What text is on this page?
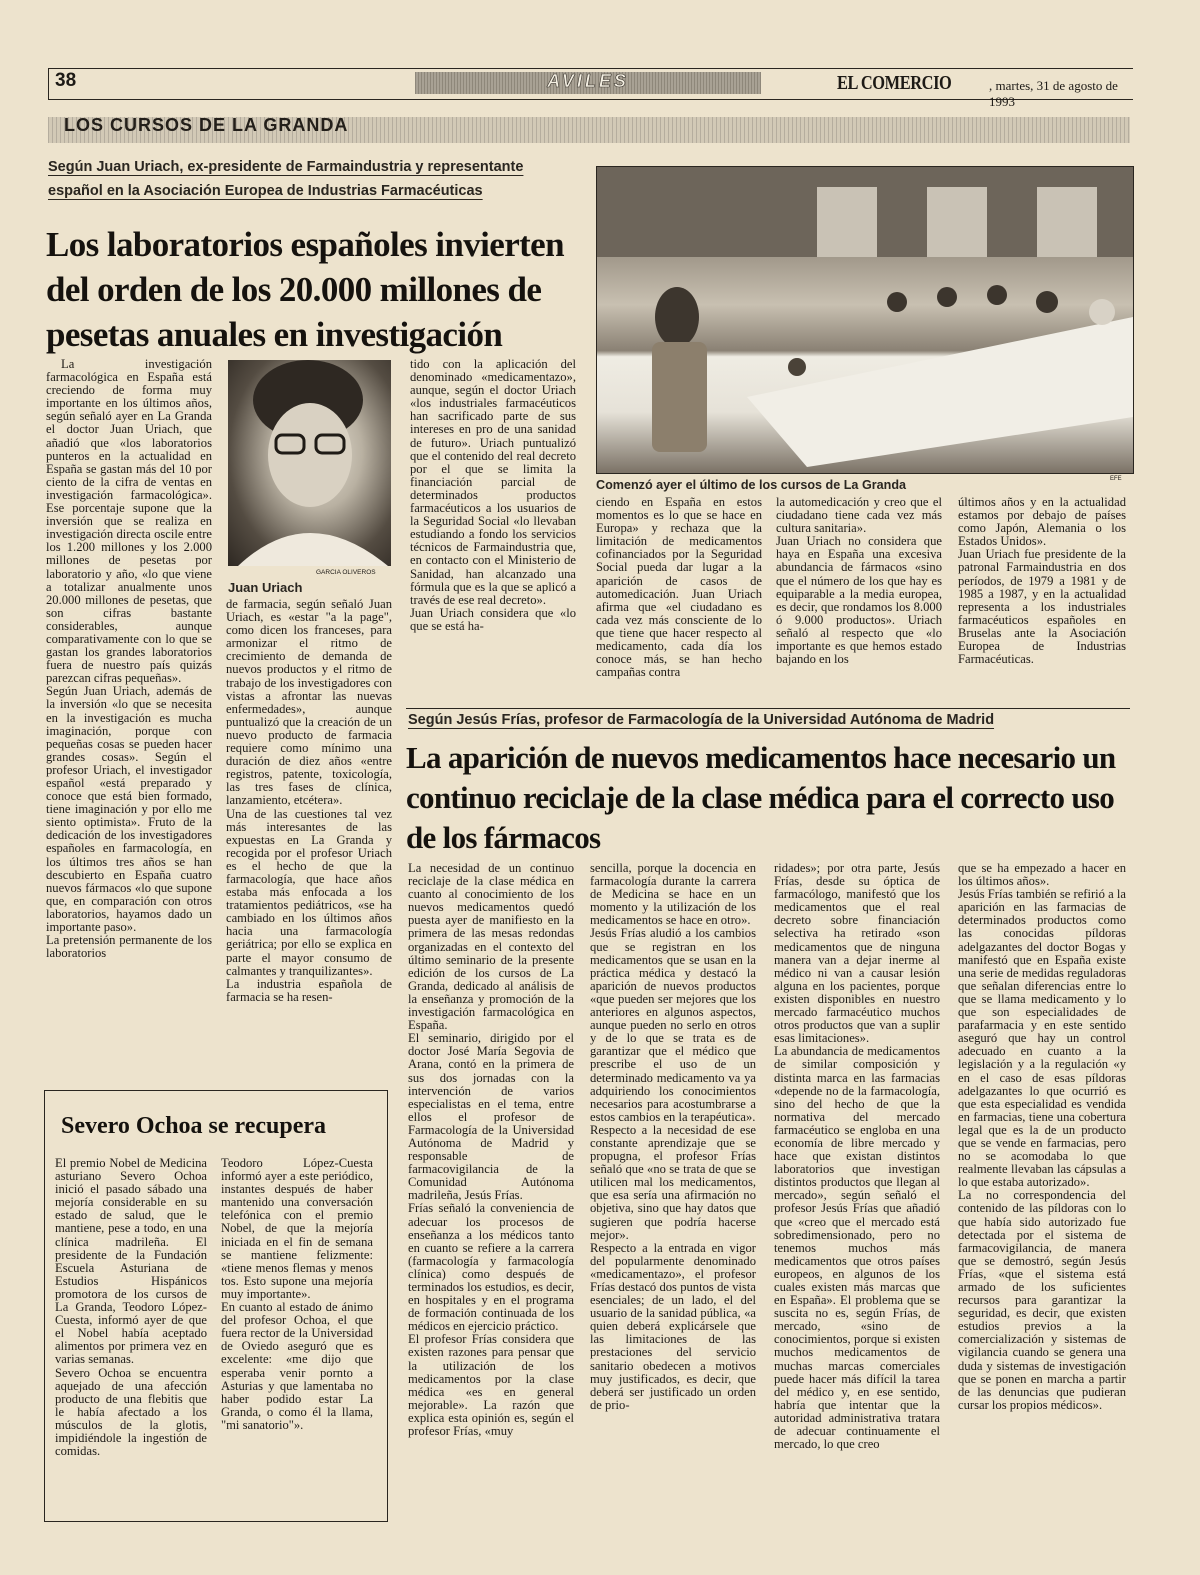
38	AVILES	EL COMERCIO	, martes, 31 de agosto de 1993
LOS CURSOS DE LA GRANDA
Según Juan Uriach, ex-presidente de Farmaindustria y representante español en la Asociación Europea de Industrias Farmacéuticas
Los laboratorios españoles invierten del orden de los 20.000 millones de pesetas anuales en investigación
Comenzó ayer el último de los cursos de La Granda	EFE
GARCIA OLIVEROS
Juan Uriach
La investigación farmacológica en España está creciendo de forma muy importante en los últimos años, según señaló ayer en La Granda el doctor Juan Uriach, que añadió que «los laboratorios punteros en la actualidad en España se gastan más del 10 por ciento de la cifra de ventas en investigación farmacológica». Ese porcentaje supone que la inversión que se realiza en investigación directa oscile entre los 1.200 millones y los 2.000 millones de pesetas por laboratorio y año, «lo que viene a totalizar anualmente unos 20.000 millones de pesetas, que son cifras bastante considerables, aunque comparativamente con lo que se gastan los grandes laboratorios fuera de nuestro país quizás parezcan cifras pequeñas».
Según Juan Uriach, además de la inversión «lo que se necesita en la investigación es mucha imaginación, porque con pequeñas cosas se pueden hacer grandes cosas». Según el profesor Uriach, el investigador español «está preparado y conoce que está bien formado, tiene imaginación y por ello me siento optimista». Fruto de la dedicación de los investigadores españoles en farmacología, en los últimos tres años se han descubierto en España cuatro nuevos fármacos «lo que supone que, en comparación con otros laboratorios, hayamos dado un importante paso».
La pretensión permanente de los laboratorios
de farmacia, según señaló Juan Uriach, es «estar "a la page", como dicen los franceses, para armonizar el ritmo de crecimiento de demanda de nuevos productos y el ritmo de trabajo de los investigadores con vistas a afrontar las nuevas enfermedades», aunque puntualizó que la creación de un nuevo producto de farmacia requiere como mínimo una duración de diez años «entre registros, patente, toxicología, las tres fases de clínica, lanzamiento, etcétera».
Una de las cuestiones tal vez más interesantes de las expuestas en La Granda y recogida por el profesor Uriach es el hecho de que la farmacología, que hace años estaba más enfocada a los tratamientos pediátricos, «se ha cambiado en los últimos años hacia una farmacología geriátrica; por ello se explica en parte el mayor consumo de calmantes y tranquilizantes».
La industria española de farmacia se ha resen-
tido con la aplicación del denominado «medicamentazo», aunque, según el doctor Uriach «los industriales farmacéuticos han sacrificado parte de sus intereses en pro de una sanidad de futuro». Uriach puntualizó que el contenido del real decreto por el que se limita la financiación parcial de determinados productos farmacéuticos a los usuarios de la Seguridad Social «lo llevaban estudiando a fondo los servicios técnicos de Farmaindustria que, en contacto con el Ministerio de Sanidad, han alcanzado una fórmula que es la que se aplicó a través de ese real decreto».
Juan Uriach considera que «lo que se está ha-
ciendo en España en estos momentos es lo que se hace en Europa» y rechaza que la limitación de medicamentos cofinanciados por la Seguridad Social pueda dar lugar a la aparición de casos de automedicación. Juan Uriach afirma que «el ciudadano es cada vez más consciente de lo que tiene que hacer respecto al medicamento, cada día los conoce más, se han hecho campañas contra
la automedicación y creo que el ciudadano tiene cada vez más cultura sanitaria».
Juan Uriach no considera que haya en España una excesiva abundancia de fármacos «sino que el número de los que hay es equiparable a la media europea, es decir, que rondamos los 8.000 ó 9.000 productos». Uriach señaló al respecto que «lo importante es que hemos estado bajando en los
últimos años y en la actualidad estamos por debajo de países como Japón, Alemania o los Estados Unidos».
Juan Uriach fue presidente de la patronal Farmaindustria en dos períodos, de 1979 a 1981 y de 1985 a 1987, y en la actualidad representa a los industriales farmacéuticos españoles en Bruselas ante la Asociación Europea de Industrias Farmacéuticas.
Según Jesús Frías, profesor de Farmacología de la Universidad Autónoma de Madrid
La aparición de nuevos medicamentos hace necesario un continuo reciclaje de la clase médica para el correcto uso de los fármacos
La necesidad de un continuo reciclaje de la clase médica en cuanto al conocimiento de los nuevos medicamentos quedó puesta ayer de manifiesto en la primera de las mesas redondas organizadas en el contexto del último seminario de la presente edición de los cursos de La Granda, dedicado al análisis de la enseñanza y promoción de la investigación farmacológica en España.
El seminario, dirigido por el doctor José María Segovia de Arana, contó en la primera de sus dos jornadas con la intervención de varios especialistas en el tema, entre ellos el profesor de Farmacología de la Universidad Autónoma de Madrid y responsable de farmacovigilancia de la Comunidad Autónoma madrileña, Jesús Frías.
Frías señaló la conveniencia de adecuar los procesos de enseñanza a los médicos tanto en cuanto se refiere a la carrera (farmacología y farmacología clínica) como después de terminados los estudios, es decir, en hospitales y en el programa de formación continuada de los médicos en ejercicio práctico.
El profesor Frías considera que existen razones para pensar que la utilización de los medicamentos por la clase médica «es en general mejorable». La razón que explica esta opinión es, según el profesor Frías, «muy
sencilla, porque la docencia en farmacología durante la carrera de Medicina se hace en un momento y la utilización de los medicamentos se hace en otro».
Jesús Frías aludió a los cambios que se registran en los medicamentos que se usan en la práctica médica y destacó la aparición de nuevos productos «que pueden ser mejores que los anteriores en algunos aspectos, aunque pueden no serlo en otros y de lo que se trata es de garantizar que el médico que prescribe el uso de un determinado medicamento va ya adquiriendo los conocimientos necesarios para acostumbrarse a estos cambios en la terapéutica».
Respecto a la necesidad de ese constante aprendizaje que se propugna, el profesor Frías señaló que «no se trata de que se utilicen mal los medicamentos, que esa sería una afirmación no objetiva, sino que hay datos que sugieren que podría hacerse mejor».
Respecto a la entrada en vigor del popularmente denominado «medicamentazo», el profesor Frías destacó dos puntos de vista esenciales; de un lado, el del usuario de la sanidad pública, «a quien deberá explicársele que las limitaciones de las prestaciones del servicio sanitario obedecen a motivos muy justificados, es decir, que deberá ser justificado un orden de prio-
ridades»; por otra parte, Jesús Frías, desde su óptica de farmacólogo, manifestó que los medicamentos que el real decreto sobre financiación selectiva ha retirado «son medicamentos que de ninguna manera van a dejar inerme al médico ni van a causar lesión alguna en los pacientes, porque existen disponibles en nuestro mercado farmacéutico muchos otros productos que van a suplir esas limitaciones».
La abundancia de medicamentos de similar composición y distinta marca en las farmacias «depende no de la farmacología, sino del hecho de que la normativa del mercado farmacéutico se engloba en una economía de libre mercado y hace que existan distintos laboratorios que investigan distintos productos que llegan al mercado», según señaló el profesor Jesús Frías que añadió que «creo que el mercado está sobredimensionado, pero no tenemos muchos más medicamentos que otros países europeos, en algunos de los cuales existen más marcas que en España». El problema que se suscita no es, según Frías, de mercado, «sino de conocimientos, porque si existen muchos medicamentos de muchas marcas comerciales puede hacer más difícil la tarea del médico y, en ese sentido, habría que intentar que la autoridad administrativa tratara de adecuar continuamente el mercado, lo que creo
que se ha empezado a hacer en los últimos años».
Jesús Frías también se refirió a la aparición en las farmacias de determinados productos como las conocidas píldoras adelgazantes del doctor Bogas y manifestó que en España existe una serie de medidas reguladoras que señalan diferencias entre lo que se llama medicamento y lo que son especialidades de parafarmacia y en este sentido aseguró que hay un control adecuado en cuanto a la legislación y a la regulación «y en el caso de esas píldoras adelgazantes lo que ocurrió es que esta especialidad es vendida en farmacias, tiene una cobertura legal que es la de un producto que se vende en farmacias, pero no se acomodaba lo que realmente llevaban las cápsulas a lo que estaba autorizado».
La no correspondencia del contenido de las píldoras con lo que había sido autorizado fue detectada por el sistema de farmacovigilancia, de manera que se demostró, según Jesús Frías, «que el sistema está armado de los suficientes recursos para garantizar la seguridad, es decir, que existen estudios previos a la comercialización y sistemas de vigilancia cuando se genera una duda y sistemas de investigación que se ponen en marcha a partir de las denuncias que pudieran cursar los propios médicos».
Severo Ochoa se recupera
El premio Nobel de Medicina asturiano Severo Ochoa inició el pasado sábado una mejoría considerable en su estado de salud, que le mantiene, pese a todo, en una clínica madrileña. El presidente de la Fundación Escuela Asturiana de Estudios Hispánicos promotora de los cursos de La Granda, Teodoro López-Cuesta, informó ayer de que el Nobel había aceptado alimentos por primera vez en varias semanas.
Severo Ochoa se encuentra aquejado de una afección producto de una flebitis que le había afectado a los músculos de la glotis, impidiéndole la ingestión de comidas.
Teodoro López-Cuesta informó ayer a este periódico, instantes después de haber mantenido una conversación telefónica con el premio Nobel, de que la mejoría iniciada en el fin de semana se mantiene felizmente: «tiene menos flemas y menos tos. Esto supone una mejoría muy importante».
En cuanto al estado de ánimo del profesor Ochoa, el que fuera rector de la Universidad de Oviedo aseguró que es excelente: «me dijo que esperaba venir pornto a Asturias y que lamentaba no haber podido estar La Granda, o como él la llama, "mi sanatorio"».
